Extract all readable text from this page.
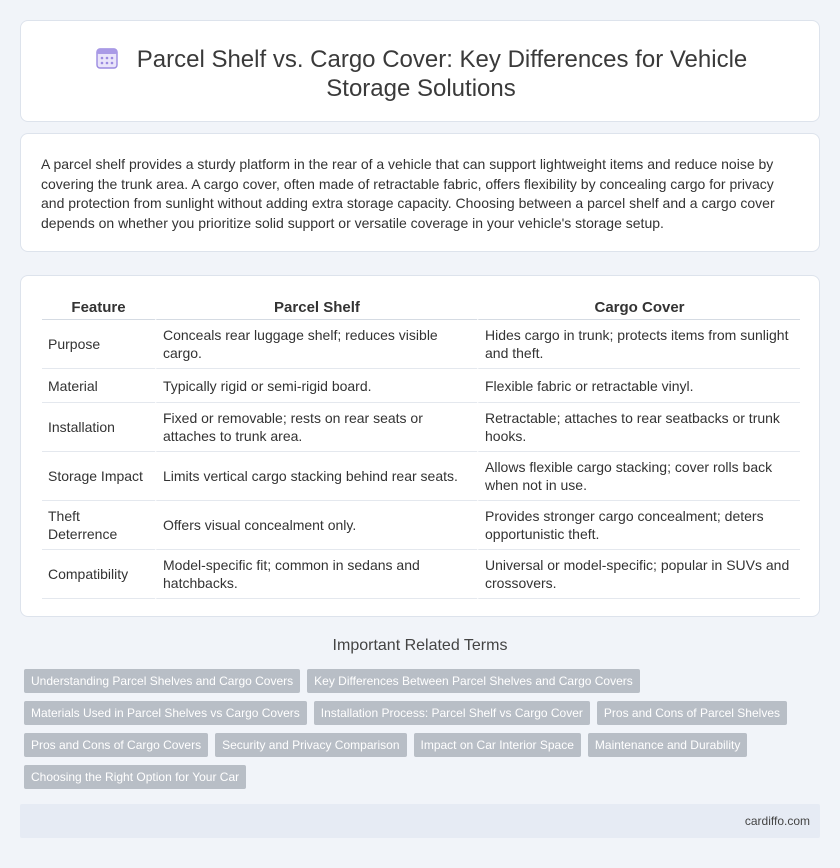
Parcel Shelf vs. Cargo Cover: Key Differences for Vehicle Storage Solutions

A parcel shelf provides a sturdy platform in the rear of a vehicle that can support lightweight items and reduce noise by covering the trunk area. A cargo cover, often made of retractable fabric, offers flexibility by concealing cargo for privacy and protection from sunlight without adding extra storage capacity. Choosing between a parcel shelf and a cargo cover depends on whether you prioritize solid support or versatile coverage in your vehicle's storage setup.

Feature	Parcel Shelf	Cargo Cover
Purpose	Conceals rear luggage shelf; reduces visible cargo.	Hides cargo in trunk; protects items from sunlight and theft.
Material	Typically rigid or semi-rigid board.	Flexible fabric or retractable vinyl.
Installation	Fixed or removable; rests on rear seats or attaches to trunk area.	Retractable; attaches to rear seatbacks or trunk hooks.
Storage Impact	Limits vertical cargo stacking behind rear seats.	Allows flexible cargo stacking; cover rolls back when not in use.
Theft Deterrence	Offers visual concealment only.	Provides stronger cargo concealment; deters opportunistic theft.
Compatibility	Model-specific fit; common in sedans and hatchbacks.	Universal or model-specific; popular in SUVs and crossovers.
Important Related Terms
Understanding Parcel Shelves and Cargo Covers	Key Differences Between Parcel Shelves and Cargo Covers
Materials Used in Parcel Shelves vs Cargo Covers	Installation Process: Parcel Shelf vs Cargo Cover	Pros and Cons of Parcel Shelves
Pros and Cons of Cargo Covers	Security and Privacy Comparison	Impact on Car Interior Space	Maintenance and Durability
Choosing the Right Option for Your Car
cardiffo.com
